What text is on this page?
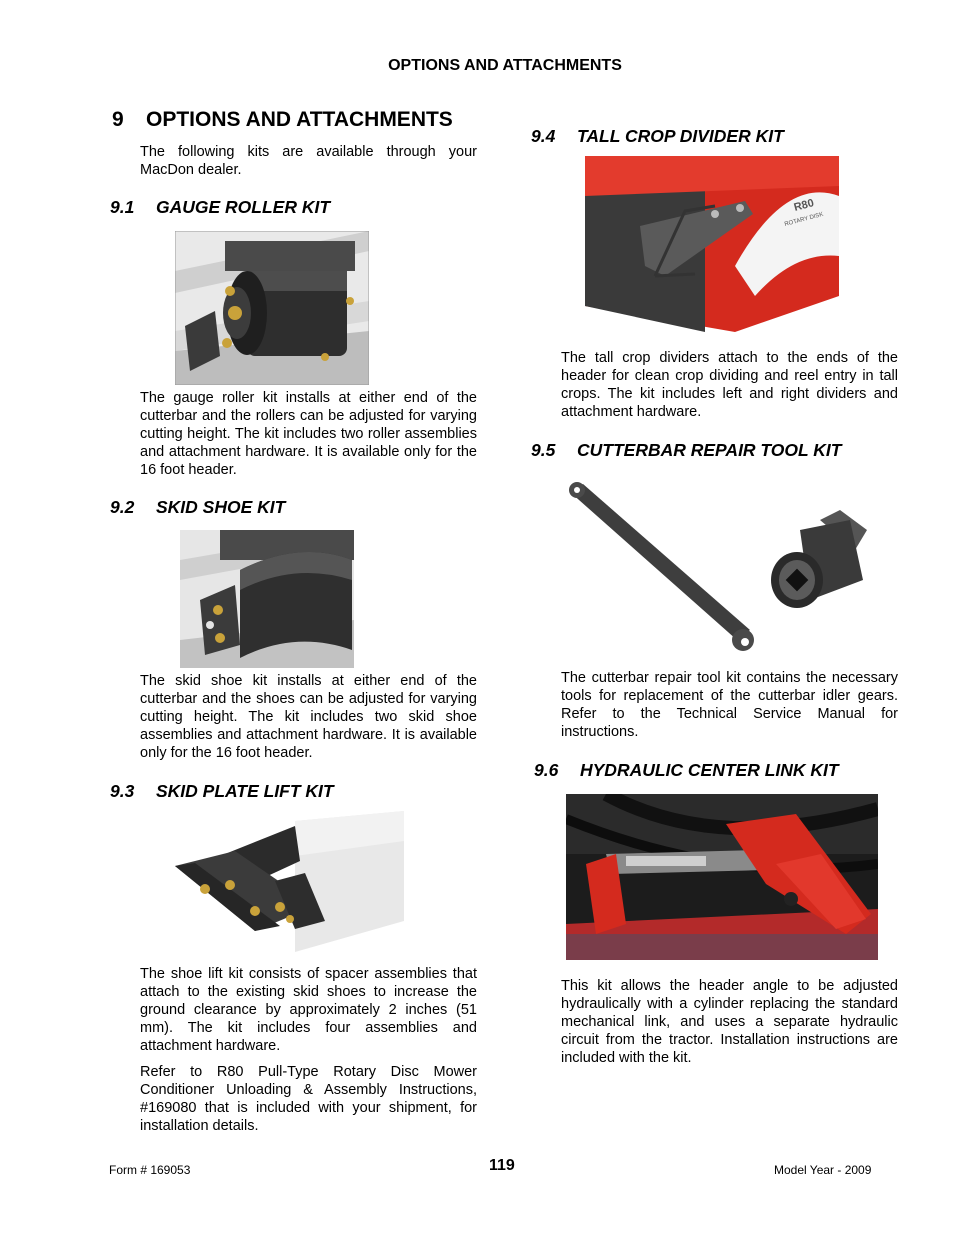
OPTIONS AND ATTACHMENTS
9 OPTIONS AND ATTACHMENTS

The following kits are available through your MacDon dealer.

9.1 GAUGE ROLLER KIT

The gauge roller kit installs at either end of the cutterbar and the rollers can be adjusted for varying cutting height. The kit includes two roller assemblies and attachment hardware. It is available only for the 16 foot header.

9.2 SKID SHOE KIT

The skid shoe kit installs at either end of the cutterbar and the shoes can be adjusted for varying cutting height. The kit includes two skid shoe assemblies and attachment hardware. It is available only for the 16 foot header.

9.3 SKID PLATE LIFT KIT

The shoe lift kit consists of spacer assemblies that attach to the existing skid shoes to increase the ground clearance by approximately 2 inches (51 mm). The kit includes four assemblies and attachment hardware.

Refer to R80 Pull-Type Rotary Disc Mower Conditioner Unloading & Assembly Instructions, #169080 that is included with your shipment, for installation details.

9.4 TALL CROP DIVIDER KIT
R80
ROTARY DISK

The tall crop dividers attach to the ends of the header for clean crop dividing and reel entry in tall crops. The kit includes left and right dividers and attachment hardware.

9.5 CUTTERBAR REPAIR TOOL KIT

The cutterbar repair tool kit contains the necessary tools for replacement of the cutterbar idler gears. Refer to the Technical Service Manual for instructions.

9.6 HYDRAULIC CENTER LINK KIT

This kit allows the header angle to be adjusted hydraulically with a cylinder replacing the standard mechanical link, and uses a separate hydraulic circuit from the tractor. Installation instructions are included with the kit.

Form # 169053	119	Model Year - 2009
